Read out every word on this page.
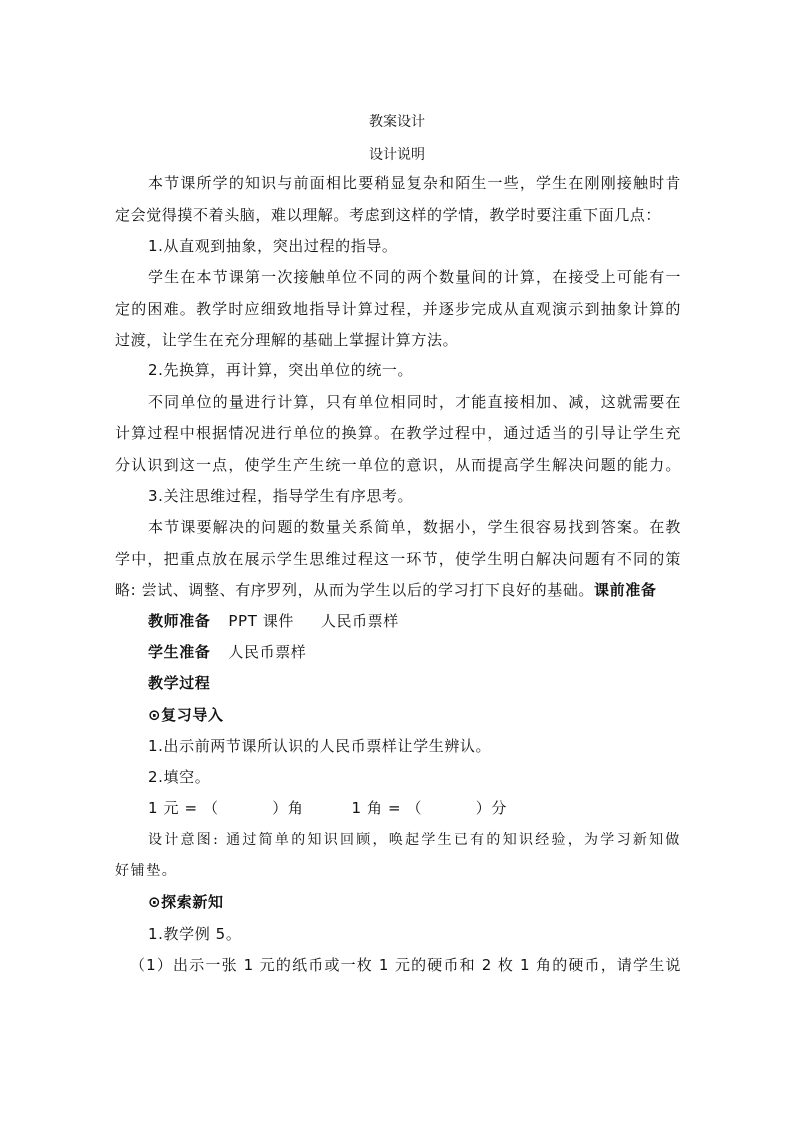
教案设计
设计说明
本节课所学的知识与前面相比要稍显复杂和陌生一些，学生在刚刚接触时肯
定会觉得摸不着头脑，难以理解。考虑到这样的学情，教学时要注重下面几点：
1.从直观到抽象，突出过程的指导。
学生在本节课第一次接触单位不同的两个数量间的计算，在接受上可能有一
定的困难。教学时应细致地指导计算过程，并逐步完成从直观演示到抽象计算的
过渡，让学生在充分理解的基础上掌握计算方法。
2.先换算，再计算，突出单位的统一。
不同单位的量进行计算，只有单位相同时，才能直接相加、减，这就需要在
计算过程中根据情况进行单位的换算。在教学过程中，通过适当的引导让学生充
分认识到这一点，使学生产生统一单位的意识，从而提高学生解决问题的能力。
3.关注思维过程，指导学生有序思考。
本节课要解决的问题的数量关系简单，数据小，学生很容易找到答案。在教
学中，把重点放在展示学生思维过程这一环节，使学生明白解决问题有不同的策
略: 尝试、调整、有序罗列，从而为学生以后的学习打下良好的基础。课前准备
教师准备 PPT 课件     人民币票样
学生准备 人民币票样
教学过程
⊙复习导入
1.出示前两节课所认识的人民币票样让学生辨认。
2.填空。
1 元 = （          ）角	1 角 = （          ）分
设计意图: 通过简单的知识回顾，唤起学生已有的知识经验，为学习新知做
好铺垫。
⊙探索新知
1.教学例 5。
（1）出示一张 1 元的纸币或一枚 1 元的硬币和 2 枚 1 角的硬币，请学生说
